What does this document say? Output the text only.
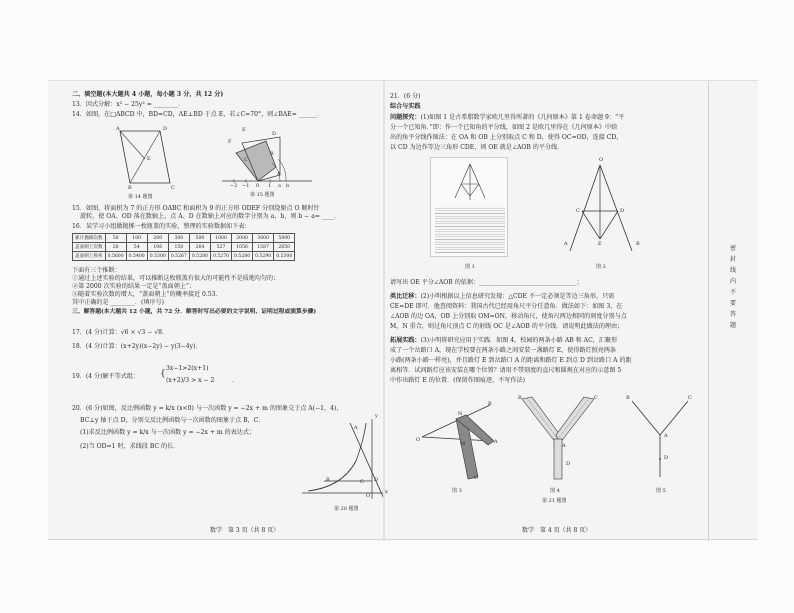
二、填空题(本大题共 4 小题，每小题 3 分，共 12 分)
13．因式分解：x² − 25y² = ________．
14．如图，在□ABCD 中，BD=CD，AE⊥BD 于点 E，若∠C=70°，则∠BAE= ______．
A	D
E
B	C
第 14 题图
F
E
D
C
B
A
−2 −1 0 1 a b
第 15 题图
15．如图，将面积为 7 的正方形 OABC 和面积为 9 的正方形 ODEF 分别绕原点 O 顺时针
旋转，使 OA、OD 落在数轴上，点 A、D 在数轴上对应的数字分别为 a、b，则 b − a= ____．
16．某学习小组做抛掷一枚瓶盖的实验，整理的实验数据如下表：
累计抛掷次数	50	100	200	300	500	1000	2000	3000	5000
盖面朝上次数	28	54	106	158	264	527	1056	1587	2650
盖面朝上频率	0.5600	0.5400	0.5300	0.5267	0.5280	0.5270	0.5280	0.5290	0.5300
下面有三个推断：
①通过上述实验的结果，可以推断这枚瓶盖有很大的可能性不是质地均匀的；
②第 2000 次实验的结果一定是“盖面朝上”；
③随着实验次数的增大，“盖面朝上”的概率接近 0.53．
其中正确的是 ________．(填序号)
三、解答题(本大题共 12 小题，共 72 分．解答时写出必要的文字说明、证明过程或演算步骤)
17．(4 分)计算：√6 × √3 − √8．
18．(4 分)计算：(x+2y)(x−2y) − y(3−4y)．
19．(4 分)解不等式组： {
3x−1>2(x+1)
(x+2)/3 > x − 2	．
20．(6 分)如图，反比例函数 y = k/x (x<0) 与一次函数 y = −2x + m 的图象交于点 A(−1，4)，
BC⊥y 轴于点 D，分别交反比例函数与一次函数的图象于点 B，C．
(1)求反比例函数 y = k/x 与一次函数 y = −2x + m 的表达式；
(2)当 OD=1 时，求线段 BC 的长．
y
A
B	D
C
O
x
第 20 题图
数学　第 3 页（共 8 页）
21．(6 分)
综合与实践
问题探究：(1)如图 1 是古希腊数学家欧几里得所著的《几何原本》第 1 卷命题 9：“平
分一个已知角．”即：作一个已知角的平分线，如图 2 是欧几里得在《几何原本》中给
出的角平分线作图法：在 OA 和 OB 上分别取点 C 和 D，使得 OC=OD，连接 CD，
以 CD 为边作等边三角形 CDE，则 OE 就是∠AOB 的平分线．
图 1
O
C	D
A	E	B
图 2
请写出 OE 平分∠AOB 的依据：________________________________；
类比迁移：(2)小明根据以上信息研究发现：△CDE 不一定必须是等边三角形，只需
CE=DE 即可．他查阅资料：我国古代已经用角尺平分任意角．做法如下：如图 3，在
∠AOB 的边 OA，OB 上分别取 OM=ON，移动角尺，使角尺两边相同的刻度分别与点
M，N 重合，则过角尺顶点 C 的射线 OC 是∠AOB 的平分线．请说明此做法的理由；
拓展实践：(3)小明将研究应用于实践．如图 4，校园的两条小路 AB 和 AC，汇聚形
成了一个岔路口 A，现在学校要在两条小路之间安装一盏路灯 E，使得路灯照亮两条
小路(两条小路一样亮)，并且路灯 E 到岔路口 A 的距离和路灯 E 到点 D 到岔路口 A 的距
离相等．试问路灯应该安装在哪个位置？请用不带刻度的直尺和圆规在对应的示意图 5
中作出路灯 E 的位置．(保留作图痕迹，不写作法)
B
N
O
M	A
C
图 3
B	C
A
D
图 4
B	C
A
D
图 5
第 21 题图
数学　第 4 页（共 8 页）
密封线内不要答题
